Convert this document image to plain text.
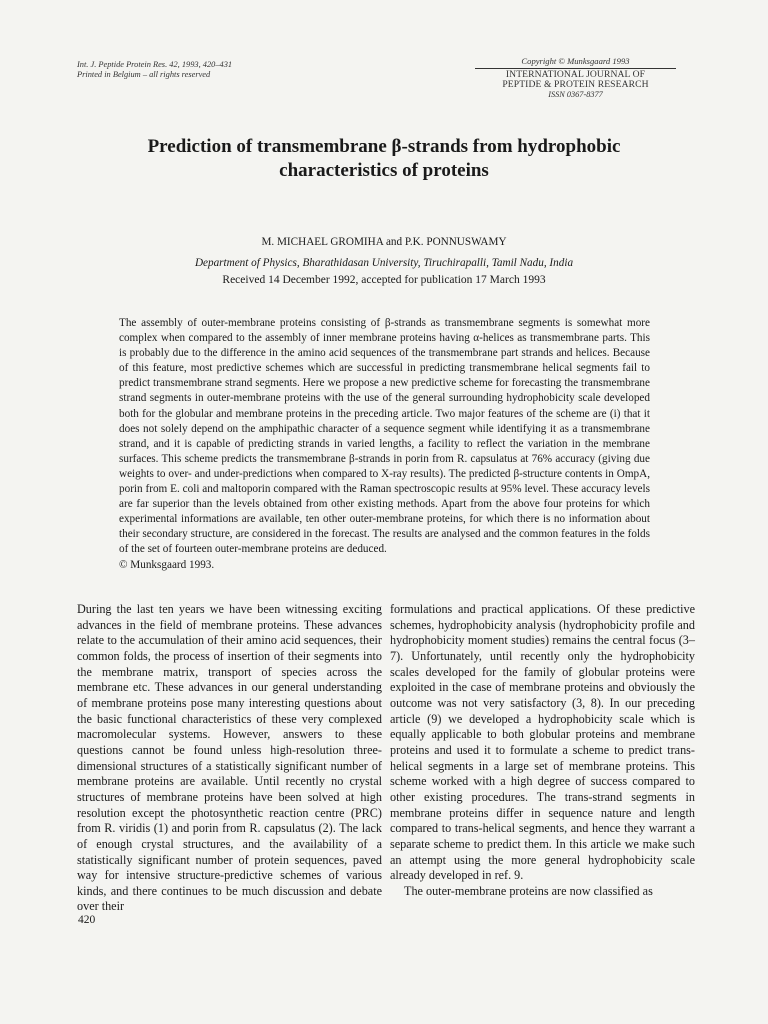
Int. J. Peptide Protein Res. 42, 1993, 420–431
Printed in Belgium – all rights reserved
Copyright © Munksgaard 1993
INTERNATIONAL JOURNAL OF
PEPTIDE & PROTEIN RESEARCH
ISSN 0367-8377
Prediction of transmembrane β-strands from hydrophobic
characteristics of proteins
M. MICHAEL GROMIHA and P.K. PONNUSWAMY
Department of Physics, Bharathidasan University, Tiruchirapalli, Tamil Nadu, India
Received 14 December 1992, accepted for publication 17 March 1993
The assembly of outer-membrane proteins consisting of β-strands as transmembrane segments is somewhat more complex when compared to the assembly of inner membrane proteins having α-helices as transmembrane parts. This is probably due to the difference in the amino acid sequences of the transmembrane part strands and helices. Because of this feature, most predictive schemes which are successful in predicting transmembrane helical segments fail to predict transmembrane strand segments. Here we propose a new predictive scheme for forecasting the transmembrane strand segments in outer-membrane proteins with the use of the general surrounding hydrophobicity scale developed both for the globular and membrane proteins in the preceding article. Two major features of the scheme are (i) that it does not solely depend on the amphipathic character of a sequence segment while identifying it as a transmembrane strand, and it is capable of predicting strands in varied lengths, a facility to reflect the variation in the membrane surfaces. This scheme predicts the transmembrane β-strands in porin from R. capsulatus at 76% accuracy (giving due weights to over- and under-predictions when compared to X-ray results). The predicted β-structure contents in OmpA, porin from E. coli and maltoporin compared with the Raman spectroscopic results at 95% level. These accuracy levels are far superior than the levels obtained from other existing methods. Apart from the above four proteins for which experimental informations are available, ten other outer-membrane proteins, for which there is no information about their secondary structure, are considered in the forecast. The results are analysed and the common features in the folds of the set of fourteen outer-membrane proteins are deduced.
© Munksgaard 1993.

During the last ten years we have been witnessing exciting advances in the field of membrane proteins. These advances relate to the accumulation of their amino acid sequences, their common folds, the process of insertion of their segments into the membrane matrix, transport of species across the membrane etc. These advances in our general understanding of membrane proteins pose many interesting questions about the basic functional characteristics of these very complexed macromolecular systems. However, answers to these questions cannot be found unless high-resolution three-dimensional structures of a statistically significant number of membrane proteins are available. Until recently no crystal structures of membrane proteins have been solved at high resolution except the photosynthetic reaction centre (PRC) from R. viridis (1) and porin from R. capsulatus (2). The lack of enough crystal structures, and the availability of a statistically significant number of protein sequences, paved way for intensive structure-predictive schemes of various kinds, and there continues to be much discussion and debate over their

formulations and practical applications. Of these predictive schemes, hydrophobicity analysis (hydrophobicity profile and hydrophobicity moment studies) remains the central focus (3–7). Unfortunately, until recently only the hydrophobicity scales developed for the family of globular proteins were exploited in the case of membrane proteins and obviously the outcome was not very satisfactory (3, 8). In our preceding article (9) we developed a hydrophobicity scale which is equally applicable to both globular proteins and membrane proteins and used it to formulate a scheme to predict trans-helical segments in a large set of membrane proteins. This scheme worked with a high degree of success compared to other existing procedures. The trans-strand segments in membrane proteins differ in sequence nature and length compared to trans-helical segments, and hence they warrant a separate scheme to predict them. In this article we make such an attempt using the more general hydrophobicity scale already developed in ref. 9.

The outer-membrane proteins are now classified as

420
